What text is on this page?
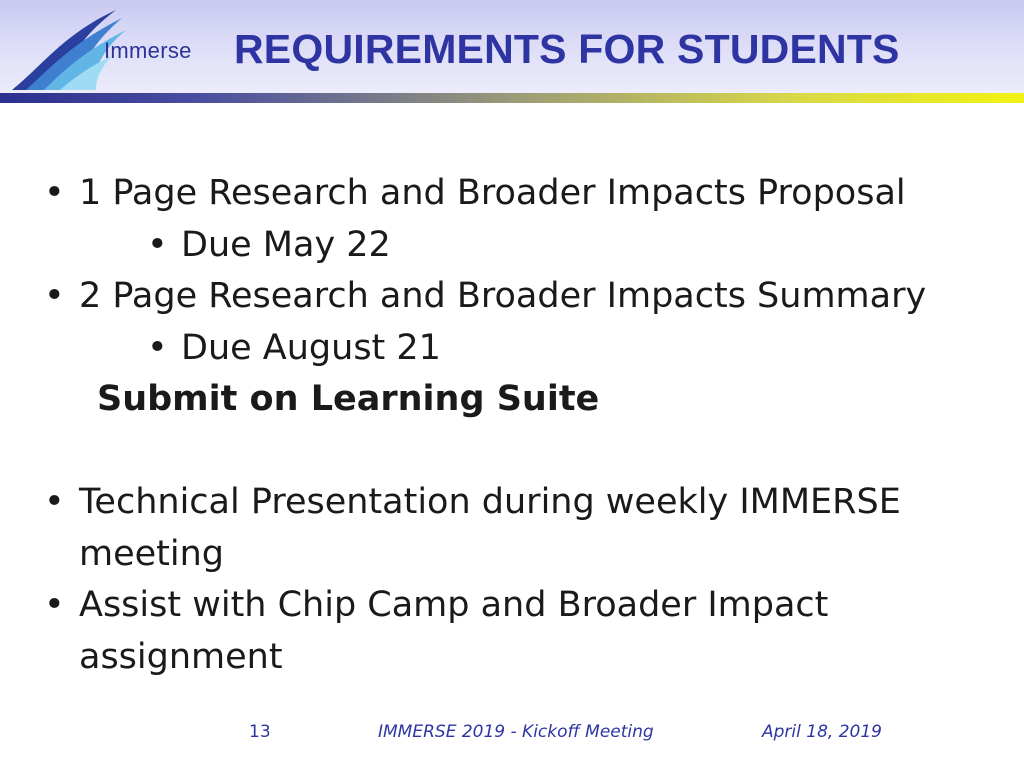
Immerse REQUIREMENTS FOR STUDENTS
• 1 Page Research and Broader Impacts Proposal
• Due May 22
• 2 Page Research and Broader Impacts Summary
• Due August 21
Submit on Learning Suite
• Technical Presentation during weekly IMMERSE
meeting
• Assist with Chip Camp and Broader Impact
assignment
13	IMMERSE 2019 - Kickoff Meeting	April 18, 2019
